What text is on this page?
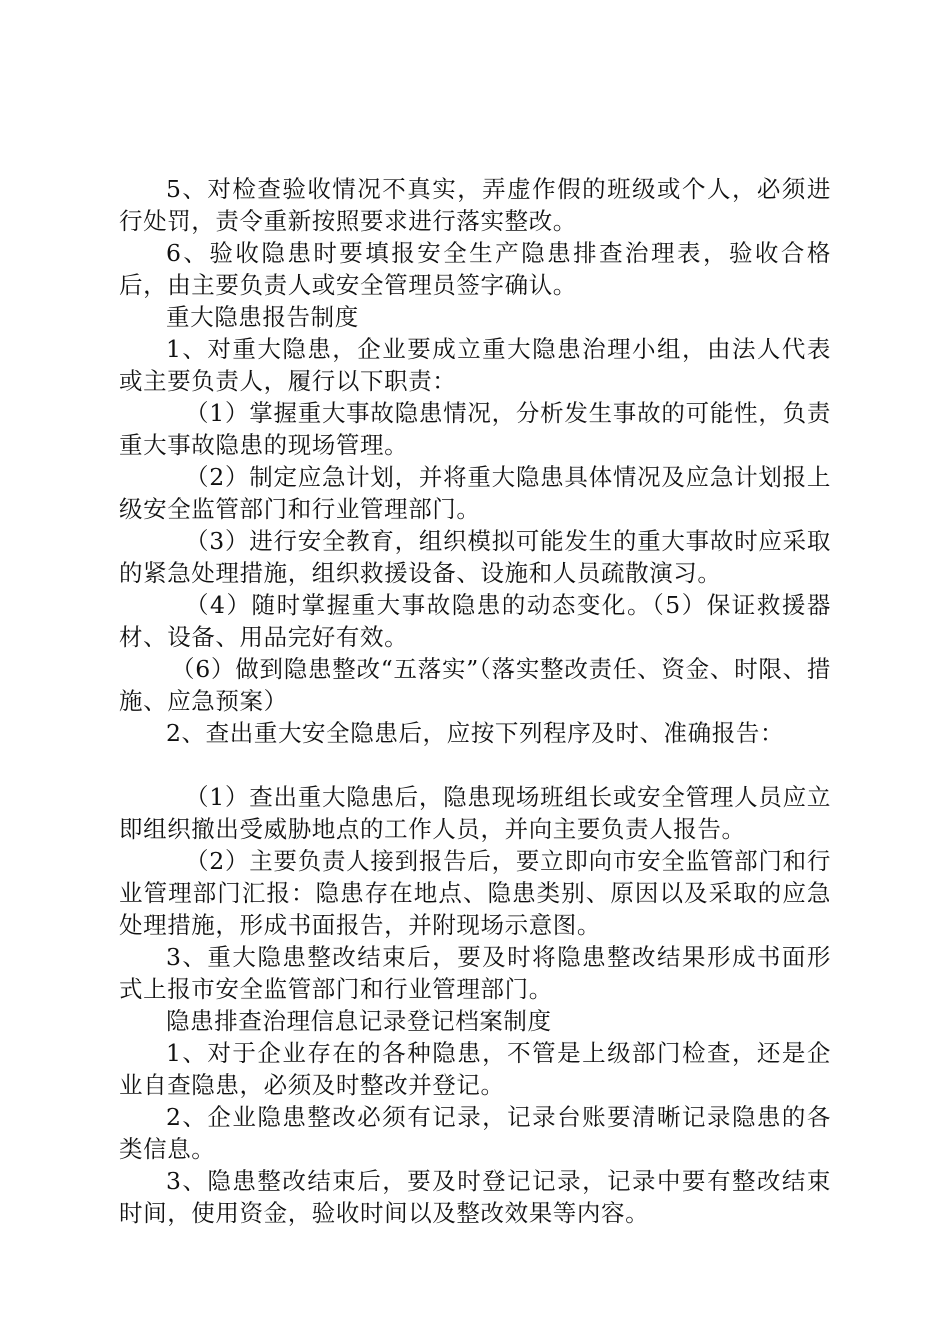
5、对检查验收情况不真实，弄虚作假的班级或个人，必须进行处罚，责令重新按照要求进行落实整改。

6、验收隐患时要填报安全生产隐患排查治理表，验收合格后，由主要负责人或安全管理员签字确认。

重大隐患报告制度

1、对重大隐患，企业要成立重大隐患治理小组，由法人代表或主要负责人，履行以下职责：

（1）掌握重大事故隐患情况，分析发生事故的可能性，负责重大事故隐患的现场管理。

（2）制定应急计划，并将重大隐患具体情况及应急计划报上级安全监管部门和行业管理部门。

（3）进行安全教育，组织模拟可能发生的重大事故时应采取的紧急处理措施，组织救援设备、设施和人员疏散演习。

（4）随时掌握重大事故隐患的动态变化。（5）保证救援器材、设备、用品完好有效。

（6）做到隐患整改“五落实”（落实整改责任、资金、时限、措施、应急预案）

2、查出重大安全隐患后，应按下列程序及时、准确报告：

（1）查出重大隐患后，隐患现场班组长或安全管理人员应立即组织撤出受威胁地点的工作人员，并向主要负责人报告。

（2）主要负责人接到报告后，要立即向市安全监管部门和行业管理部门汇报：隐患存在地点、隐患类别、原因以及采取的应急处理措施，形成书面报告，并附现场示意图。

3、重大隐患整改结束后，要及时将隐患整改结果形成书面形式上报市安全监管部门和行业管理部门。

隐患排查治理信息记录登记档案制度

1、对于企业存在的各种隐患，不管是上级部门检查，还是企业自查隐患，必须及时整改并登记。

2、企业隐患整改必须有记录，记录台账要清晰记录隐患的各类信息。

3、隐患整改结束后，要及时登记记录，记录中要有整改结束时间，使用资金，验收时间以及整改效果等内容。
